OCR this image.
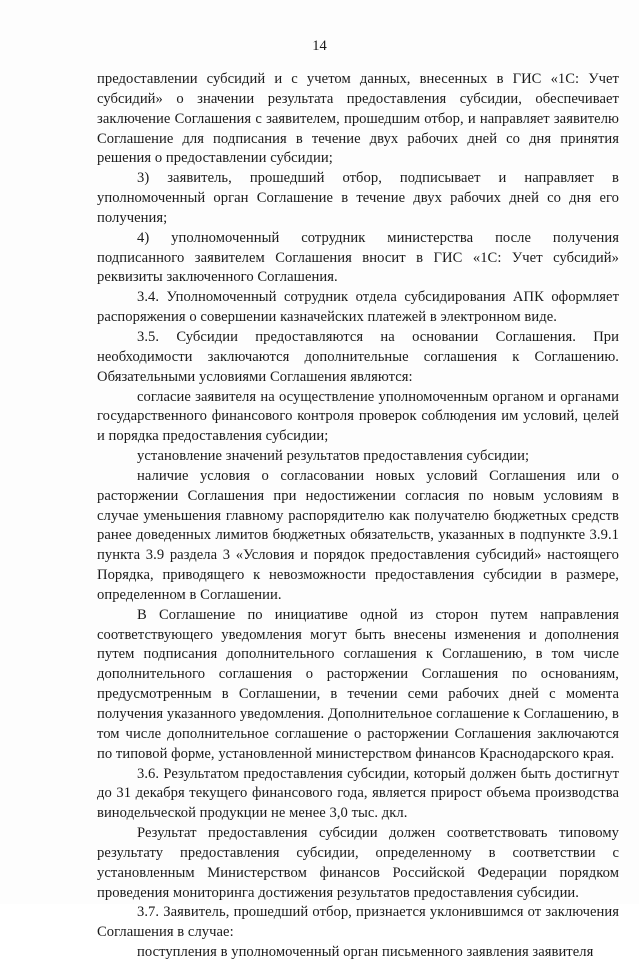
14

предоставлении субсидий и с учетом данных, внесенных в ГИС «1С: Учет субсидий» о значении результата предоставления субсидии, обеспечивает заключение Соглашения с заявителем, прошедшим отбор, и направляет заявителю Соглашение для подписания в течение двух рабочих дней со дня принятия решения о предоставлении субсидии;

3) заявитель, прошедший отбор, подписывает и направляет в уполномоченный орган Соглашение в течение двух рабочих дней со дня его получения;

4) уполномоченный сотрудник министерства после получения подписанного заявителем Соглашения вносит в ГИС «1С: Учет субсидий» реквизиты заключенного Соглашения.

3.4. Уполномоченный сотрудник отдела субсидирования АПК оформляет распоряжения о совершении казначейских платежей в электронном виде.

3.5. Субсидии предоставляются на основании Соглашения. При необходимости заключаются дополнительные соглашения к Соглашению. Обязательными условиями Соглашения являются:

согласие заявителя на осуществление уполномоченным органом и органами государственного финансового контроля проверок соблюдения им условий, целей и порядка предоставления субсидии;

установление значений результатов предоставления субсидии;

наличие условия о согласовании новых условий Соглашения или о расторжении Соглашения при недостижении согласия по новым условиям в случае уменьшения главному распорядителю как получателю бюджетных средств ранее доведенных лимитов бюджетных обязательств, указанных в подпункте 3.9.1 пункта 3.9 раздела 3 «Условия и порядок предоставления субсидий» настоящего Порядка, приводящего к невозможности предоставления субсидии в размере, определенном в Соглашении.

В Соглашение по инициативе одной из сторон путем направления соответствующего уведомления могут быть внесены изменения и дополнения путем подписания дополнительного соглашения к Соглашению, в том числе дополнительного соглашения о расторжении Соглашения по основаниям, предусмотренным в Соглашении, в течении семи рабочих дней с момента получения указанного уведомления. Дополнительное соглашение к Соглашению, в том числе дополнительное соглашение о расторжении Соглашения заключаются по типовой форме, установленной министерством финансов Краснодарского края.

3.6. Результатом предоставления субсидии, который должен быть достигнут до 31 декабря текущего финансового года, является прирост объема производства винодельческой продукции не менее 3,0 тыс. дкл.

Результат предоставления субсидии должен соответствовать типовому результату предоставления субсидии, определенному в соответствии с установленным Министерством финансов Российской Федерации порядком проведения мониторинга достижения результатов предоставления субсидии.

3.7. Заявитель, прошедший отбор, признается уклонившимся от заключения Соглашения в случае:

поступления в уполномоченный орган письменного заявления заявителя
